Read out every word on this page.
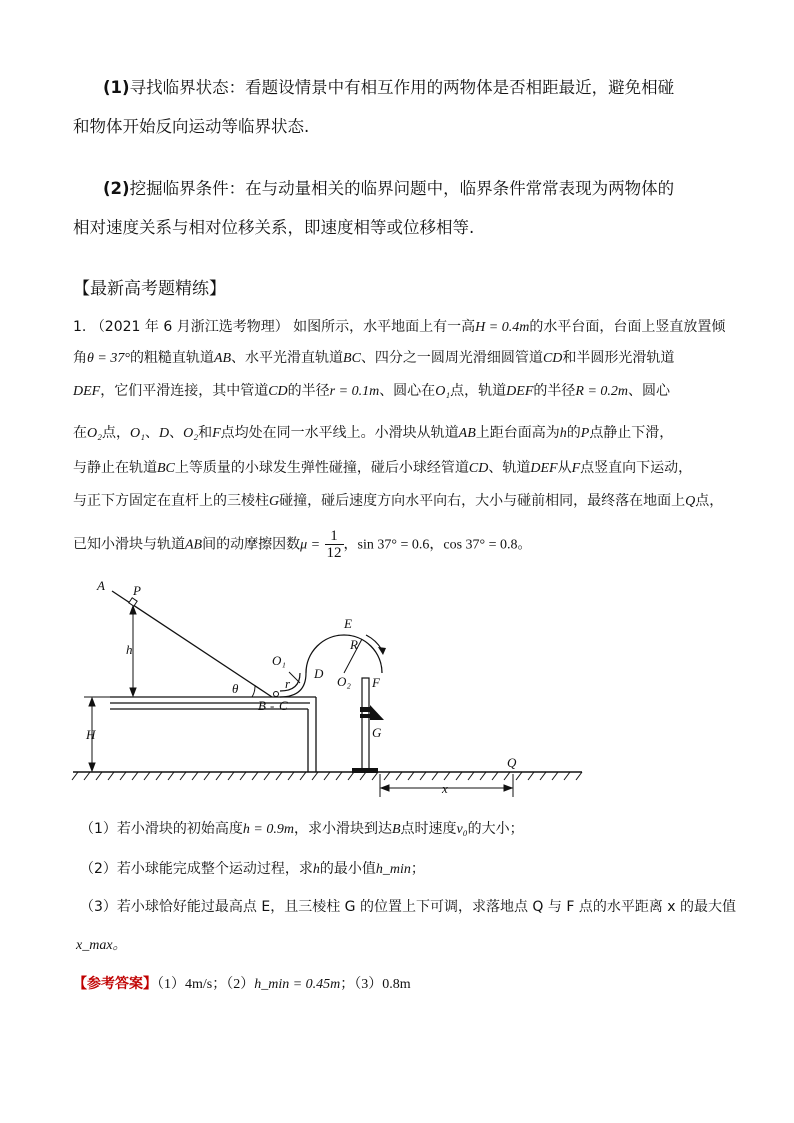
(1)寻找临界状态：看题设情景中有相互作用的两物体是否相距最近，避免相碰
和物体开始反向运动等临界状态.
(2)挖掘临界条件：在与动量相关的临界问题中，临界条件常常表现为两物体的
相对速度关系与相对位移关系，即速度相等或位移相等.
【最新高考题精练】
1. （2021 年 6 月浙江选考物理） 如图所示，水平地面上有一高H = 0.4m的水平台面，台面上竖直放置倾
角θ = 37°的粗糙直轨道AB、水平光滑直轨道BC、四分之一圆周光滑细圆管道CD和半圆形光滑轨道
DEF，它们平滑连接，其中管道CD的半径r = 0.1m、圆心在O₁点，轨道DEF的半径R = 0.2m、圆心
在O₂点，O₁、D、O₂和F点均处在同一水平线上。小滑块从轨道AB上距台面高为h的P点静止下滑，
与静止在轨道BC上等质量的小球发生弹性碰撞，碰后小球经管道CD、轨道DEF从F点竖直向下运动，
与正下方固定在直杆上的三棱柱G碰撞，碰后速度方向水平向右，大小与碰前相同，最终落在地面上Q点，
已知小滑块与轨道AB间的动摩擦因数$\mu = \frac{1}{12}$ ，sin 37° = 0.6，cos 37° = 0.8。
H
A P
h
θ
B - C
O₁
r
D
E
R
O₂ F
G
x
Q
（1）若小滑块的初始高度h = 0.9m，求小滑块到达B点时速度v₀的大小；
（2）若小球能完成整个运动过程，求h的最小值h_min；
（3）若小球恰好能过最高点 E，且三棱柱 G 的位置上下可调，求落地点 Q 与 F 点的水平距离 x 的最大值
x_max。
【参考答案】（1）4m/s；（2）h_min = 0.45m；（3）0.8m
